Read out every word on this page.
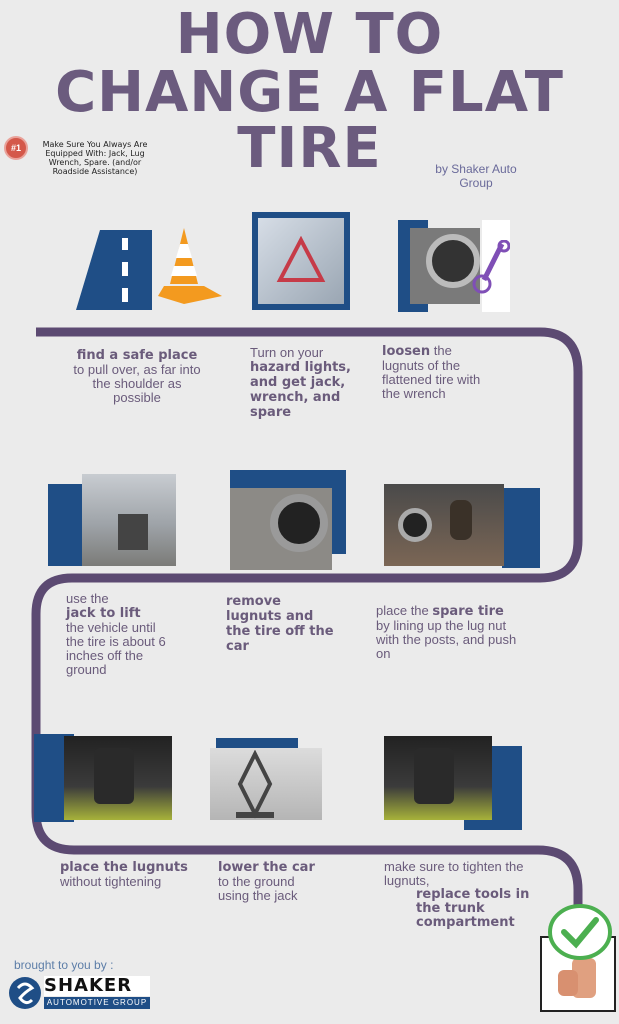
HOW TO
CHANGE A FLAT
TIRE
#1	Make Sure You Always Are Equipped With: Jack, Lug Wrench, Spare. (and/or Roadside Assistance)	by Shaker Auto Group
find a safe place
to pull over, as far into the shoulder as possible
Turn on your
hazard lights, and get jack, wrench, and spare
loosen the lugnuts of the flattened tire with the wrench
use the
jack to lift
the vehicle until the tire is about 6 inches off the ground
remove lugnuts and the tire off the car
place the spare tire
by lining up the lug nut with the posts, and push on
place the lugnuts
without tightening
lower the car
to the ground
using the jack
make sure to tighten the lugnuts,

replace tools in the trunk compartment
brought to you by :
SHAKER
AUTOMOTIVE GROUP
